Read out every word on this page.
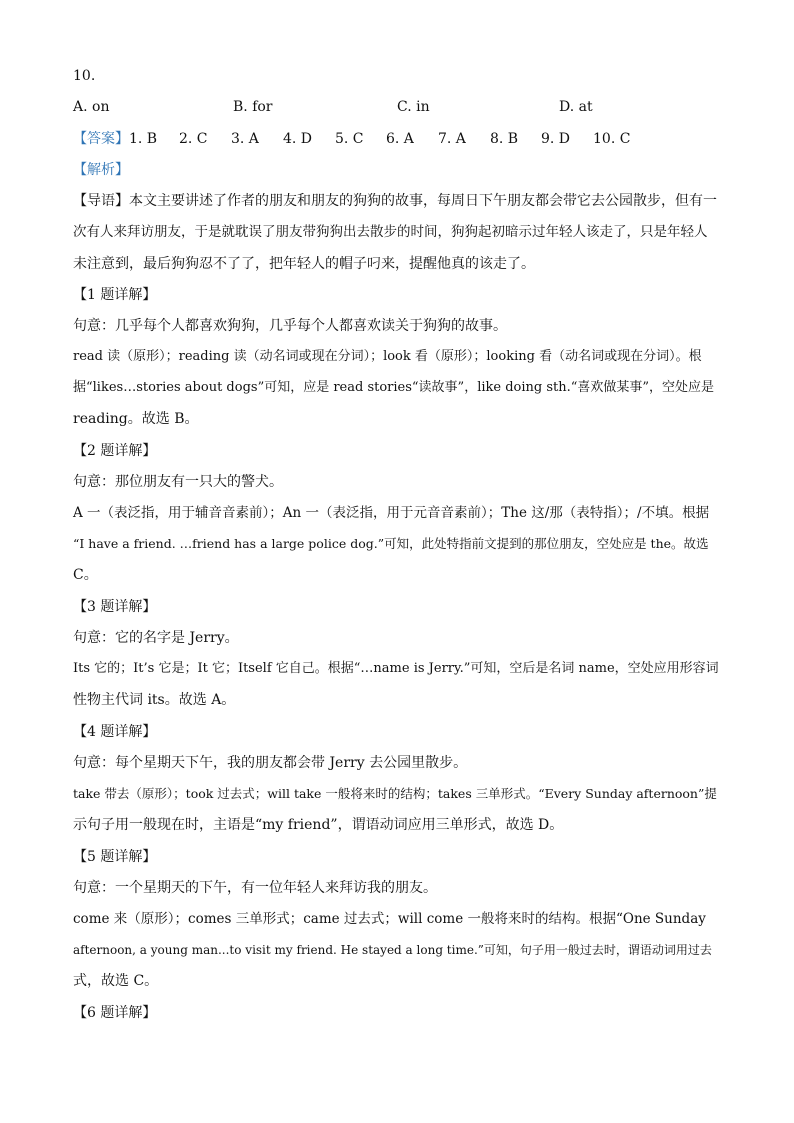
10.
A. on	B. for	C. in	D. at
【答案】 1. B 2. C 3. A 4. D 5. C 6. A 7. A 8. B 9. D 10. C
【解析】
【导语】本文主要讲述了作者的朋友和朋友的狗狗的故事，每周日下午朋友都会带它去公园散步，但有一
次有人来拜访朋友，于是就耽误了朋友带狗狗出去散步的时间，狗狗起初暗示过年轻人该走了，只是年轻人
未注意到，最后狗狗忍不了了，把年轻人的帽子叼来，提醒他真的该走了。
【1 题详解】
句意：几乎每个人都喜欢狗狗，几乎每个人都喜欢读关于狗狗的故事。
read 读（原形）；reading 读（动名词或现在分词）；look 看（原形）；looking 看（动名词或现在分词）。根
据“likes…stories about dogs”可知，应是 read stories“读故事”，like doing sth.“喜欢做某事”，空处应是
reading。故选 B。
【2 题详解】
句意：那位朋友有一只大的警犬。
A 一（表泛指，用于辅音音素前）；An 一（表泛指，用于元音音素前）；The 这/那（表特指）；/不填。根据
“I have a friend. …friend has a large police dog.”可知，此处特指前文提到的那位朋友，空处应是 the。故选
C。
【3 题详解】
句意：它的名字是 Jerry。
Its 它的；It’s 它是；It 它；Itself 它自己。根据“…name is Jerry.”可知，空后是名词 name，空处应用形容词
性物主代词 its。故选 A。
【4 题详解】
句意：每个星期天下午，我的朋友都会带 Jerry 去公园里散步。
take 带去（原形）；took 过去式；will take 一般将来时的结构；takes 三单形式。“Every Sunday afternoon”提
示句子用一般现在时，主语是“my friend”，谓语动词应用三单形式，故选 D。
【5 题详解】
句意：一个星期天的下午，有一位年轻人来拜访我的朋友。
come 来（原形）；comes 三单形式；came 过去式；will come 一般将来时的结构。根据“One Sunday
afternoon, a young man...to visit my friend. He stayed a long time.”可知，句子用一般过去时，谓语动词用过去
式，故选 C。
【6 题详解】
